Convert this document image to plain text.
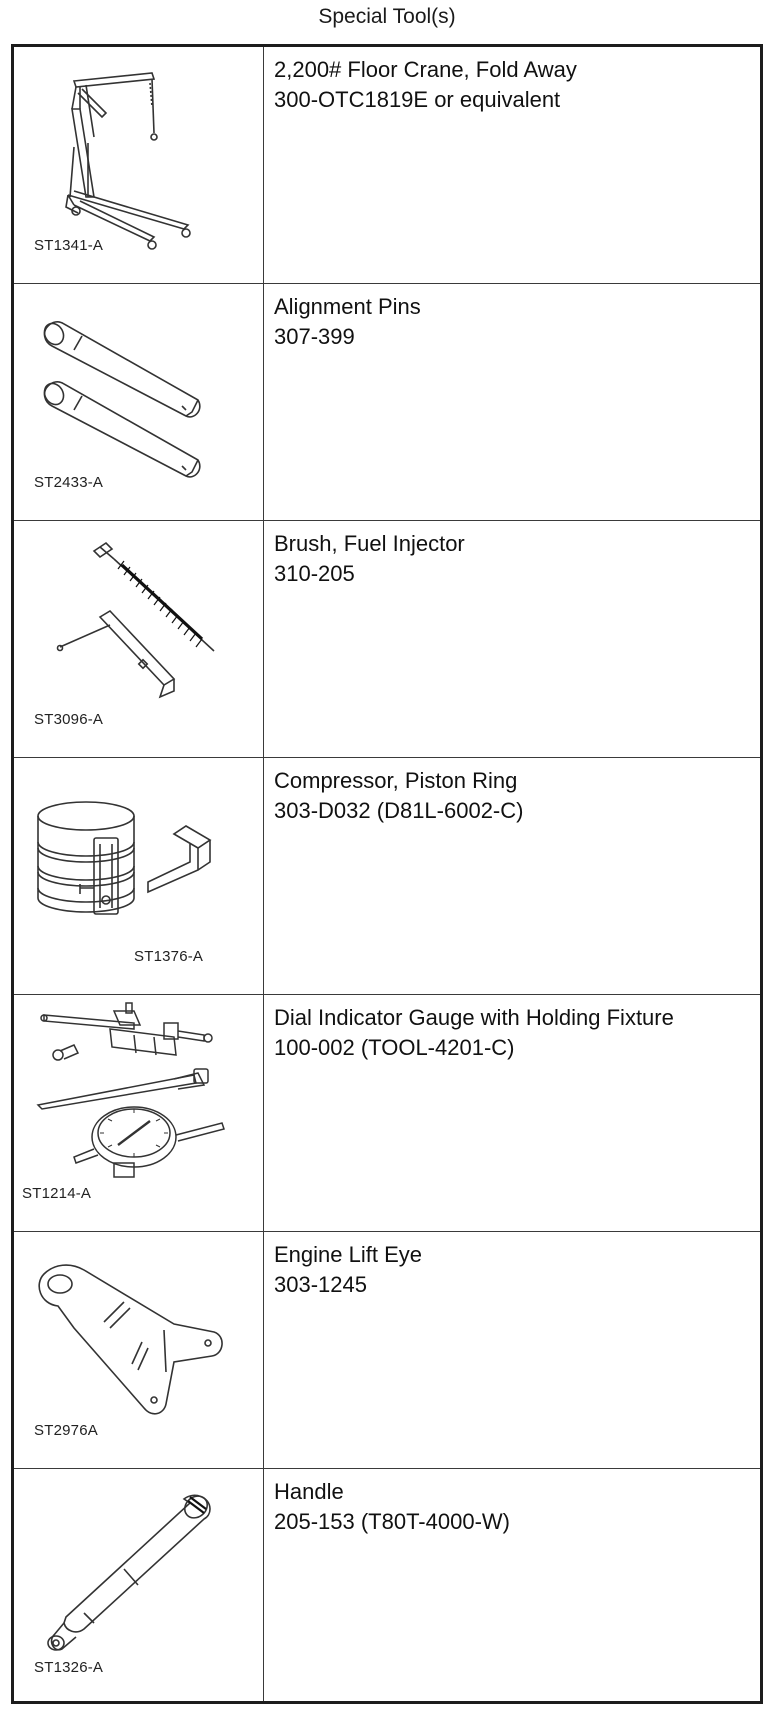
Special Tool(s)
ST1341-A
2,200# Floor Crane, Fold Away
300-OTC1819E or equivalent
ST2433-A
Alignment Pins
307-399
ST3096-A
Brush, Fuel Injector
310-205
ST1376-A
Compressor, Piston Ring
303-D032 (D81L-6002-C)
ST1214-A
Dial Indicator Gauge with Holding Fixture
100-002 (TOOL-4201-C)
ST2976A
Engine Lift Eye
303-1245
ST1326-A
Handle
205-153 (T80T-4000-W)
